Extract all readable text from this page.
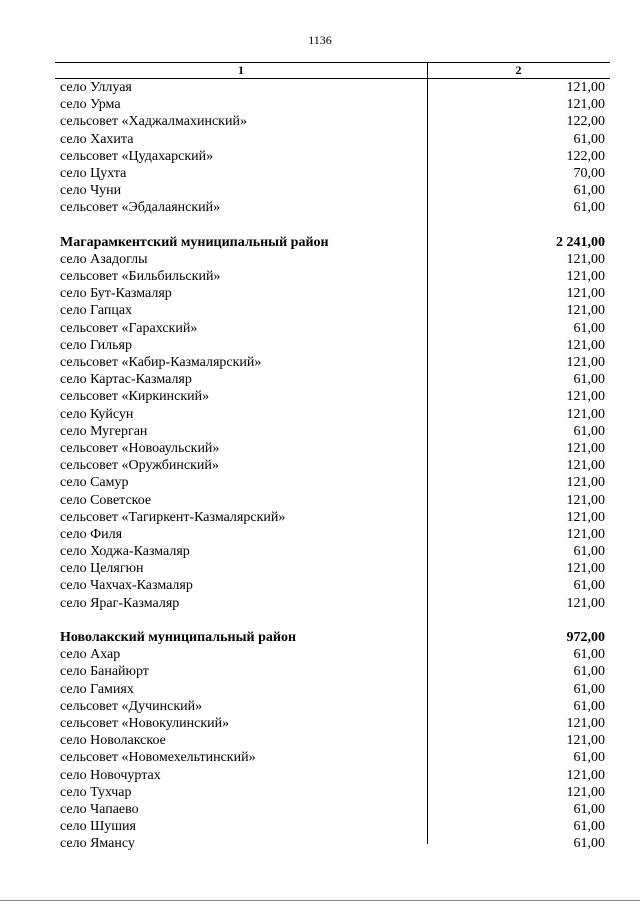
1136
1	2
село Уллуая	121,00
село Урма	121,00
сельсовет «Хаджалмахинский»	122,00
село Хахита	61,00
сельсовет «Цудахарский»	122,00
село Цухта	70,00
село Чуни	61,00
сельсовет «Эбдалаянский»	61,00
Магарамкентский муниципальный район	2 241,00
село Азадоглы	121,00
сельсовет «Бильбильский»	121,00
село Бут-Казмаляр	121,00
село Гапцах	121,00
сельсовет «Гарахский»	61,00
село Гильяр	121,00
сельсовет «Кабир-Казмалярский»	121,00
село Картас-Казмаляр	61,00
сельсовет «Киркинский»	121,00
село Куйсун	121,00
село Мугерган	61,00
сельсовет «Новоаульский»	121,00
сельсовет «Оружбинский»	121,00
село Самур	121,00
село Советское	121,00
сельсовет «Тагиркент-Казмалярский»	121,00
село Филя	121,00
село Ходжа-Казмаляр	61,00
село Целягюн	121,00
село Чахчах-Казмаляр	61,00
село Яраг-Казмаляр	121,00
Новолакский муниципальный район	972,00
село Ахар	61,00
село Банайюрт	61,00
село Гамиях	61,00
сельсовет «Дучинский»	61,00
сельсовет «Новокулинский»	121,00
село Новолакское	121,00
сельсовет «Новомехельтинский»	61,00
село Новочуртах	121,00
село Тухчар	121,00
село Чапаево	61,00
село Шушия	61,00
село Ямансу	61,00
